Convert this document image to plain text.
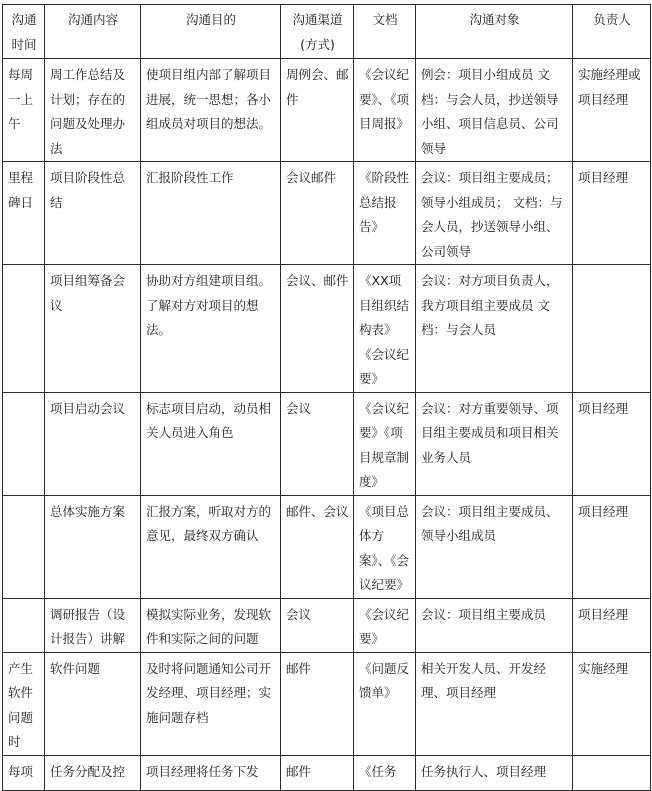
沟通时间	沟通内容	沟通目的	沟通渠道(方式)	文档	沟通对象	负责人
每周一上午	周工作总结及计划；存在的问题及处理办法	使项目组内部了解项目进展，统一思想；各小组成员对项目的想法。	周例会、邮件	《会议纪要》、《项目周报》	例会：项目小组成员 文档：与会人员，抄送领导小组、项目信息员、公司领导	实施经理或项目经理
里程碑日	项目阶段性总结	汇报阶段性工作	会议邮件	《阶段性总结报告》	会议：项目组主要成员；领导小组成员； 文档：与会人员，抄送领导小组、公司领导	项目经理
	项目组筹备会议	协助对方组建项目组。了解对方对项目的想法。	会议、邮件	《XX项目组织结构表》《会议纪要》	会议：对方项目负责人，我方项目组主要成员 文档：与会人员	
	项目启动会议	标志项目启动，动员相关人员进入角色	会议	《会议纪要》《项目规章制度》	会议：对方重要领导、项目组主要成员和项目相关业务人员	项目经理
	总体实施方案	汇报方案，听取对方的意见，最终双方确认	邮件、会议	《项目总体方案》、《会议纪要》	会议：项目组主要成员、领导小组成员	项目经理
	调研报告（设计报告）讲解	模拟实际业务，发现软件和实际之间的问题	会议	《会议纪要》	会议：项目组主要成员	项目经理
产生软件问题时	软件问题	及时将问题通知公司开发经理、项目经理；实施问题存档	邮件	《问题反馈单》	相关开发人员、开发经理、项目经理	实施经理
每项	任务分配及控	项目经理将任务下发	邮件	《任务	任务执行人、项目经理	
